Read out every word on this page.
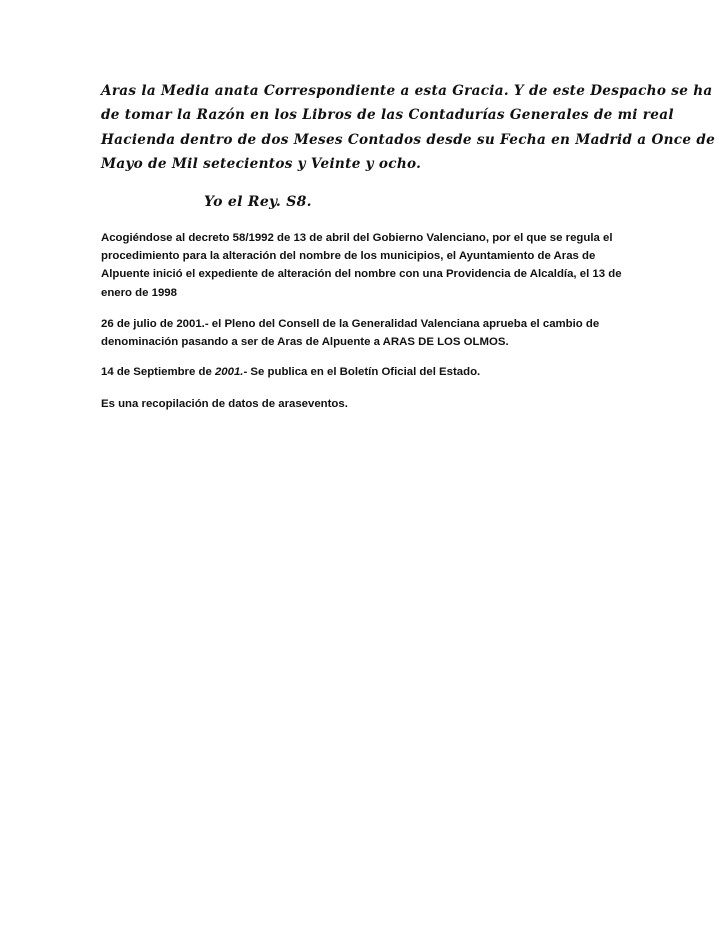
Aras la Media anata Correspondiente a esta Gracia. Y de este Despacho se ha
de tomar la Razón en los Libros de las Contadurías Generales de mi real
Hacienda dentro de dos Meses Contados desde su Fecha en Madrid a Once de
Mayo de Mil setecientos y Veinte y ocho.
Yo el Rey. S8.
Acogiéndose al decreto 58/1992 de 13 de abril del Gobierno Valenciano, por el que se regula el
procedimiento para la alteración del nombre de los municipios, el Ayuntamiento de Aras de
Alpuente inició el expediente de alteración del nombre con una Providencia de Alcaldía, el 13 de
enero de 1998
26 de julio de 2001.- el Pleno del Consell de la Generalidad Valenciana aprueba el cambio de
denominación pasando a ser de Aras de Alpuente a ARAS DE LOS OLMOS.
14 de Septiembre de 2001.- Se publica en el Boletín Oficial del Estado.
Es una recopilación de datos de araseventos.
